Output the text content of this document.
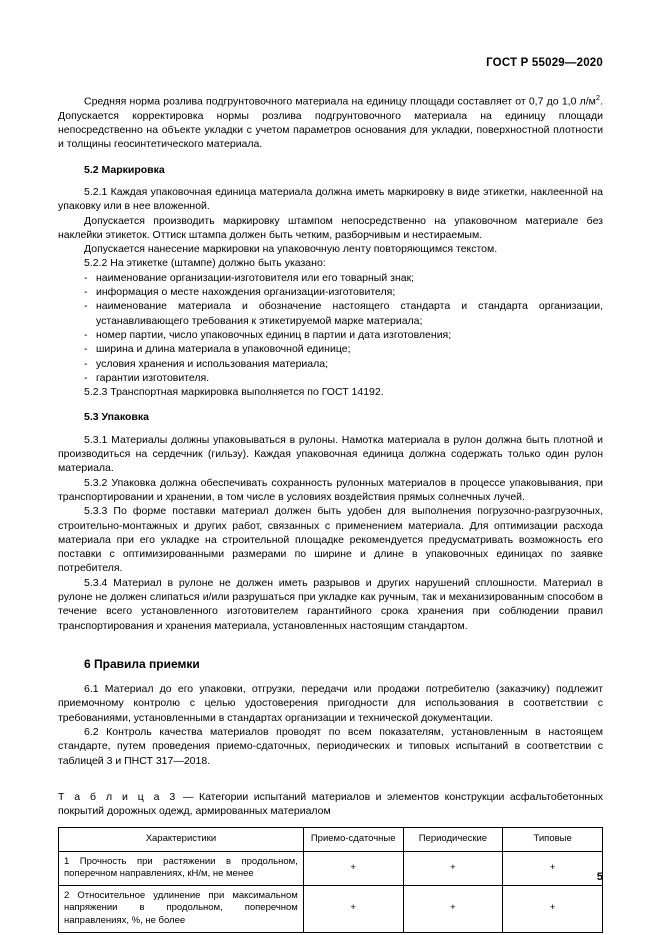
ГОСТ Р 55029—2020

Средняя норма розлива подгрунтовочного материала на единицу площади составляет от 0,7 до 1,0 $л/м^2$. Допускается корректировка нормы розлива подгрунтовочного материала на единицу площади непосредственно на объекте укладки с учетом параметров основания для укладки, поверхностной плотности и толщины геосинтетического материала.

5.2 Маркировка

5.2.1 Каждая упаковочная единица материала должна иметь маркировку в виде этикетки, наклеенной на упаковку или в нее вложенной.

Допускается производить маркировку штампом непосредственно на упаковочном материале без наклейки этикеток. Оттиск штампа должен быть четким, разборчивым и нестираемым.

Допускается нанесение маркировки на упаковочную ленту повторяющимся текстом.

5.2.2 На этикетке (штампе) должно быть указано:

- наименование организации-изготовителя или его товарный знак;
- информация о месте нахождения организации-изготовителя;
- наименование материала и обозначение настоящего стандарта и стандарта организации, устанавливающего требования к этикетируемой марке материала;
- номер партии, число упаковочных единиц в партии и дата изготовления;
- ширина и длина материала в упаковочной единице;
- условия хранения и использования материала;
- гарантии изготовителя.

5.2.3 Транспортная маркировка выполняется по ГОСТ 14192.

5.3 Упаковка

5.3.1 Материалы должны упаковываться в рулоны. Намотка материала в рулон должна быть плотной и производиться на сердечник (гильзу). Каждая упаковочная единица должна содержать только один рулон материала.

5.3.2 Упаковка должна обеспечивать сохранность рулонных материалов в процессе упаковывания, при транспортировании и хранении, в том числе в условиях воздействия прямых солнечных лучей.

5.3.3 По форме поставки материал должен быть удобен для выполнения погрузочно-разгрузочных, строительно-монтажных и других работ, связанных с применением материала. Для оптимизации расхода материала при его укладке на строительной площадке рекомендуется предусматривать возможность его поставки с оптимизированными размерами по ширине и длине в упаковочных единицах по заявке потребителя.

5.3.4 Материал в рулоне не должен иметь разрывов и других нарушений сплошности. Материал в рулоне не должен слипаться и/или разрушаться при укладке как ручным, так и механизированным способом в течение всего установленного изготовителем гарантийного срока хранения при соблюдении правил транспортирования и хранения материала, установленных настоящим стандартом.

6 Правила приемки

6.1 Материал до его упаковки, отгрузки, передачи или продажи потребителю (заказчику) подлежит приемочному контролю с целью удостоверения пригодности для использования в соответствии с требованиями, установленными в стандартах организации и технической документации.

6.2 Контроль качества материалов проводят по всем показателям, установленным в настоящем стандарте, путем проведения приемо-сдаточных, периодических и типовых испытаний в соответствии с таблицей 3 и ПНСТ 317—2018.

Т а б л и ц а 3 — Категории испытаний материалов и элементов конструкции асфальтобетонных покрытий дорожных одежд, армированных материалом
Характеристики	Приемо-сдаточные	Периодические	Типовые
1 Прочность при растяжении в продольном, поперечном направлениях, кН/м, не менее	+	+	+
2 Относительное удлинение при максимальном напряжении в продольном, поперечном направлениях, %, не более	+	+	+
5
